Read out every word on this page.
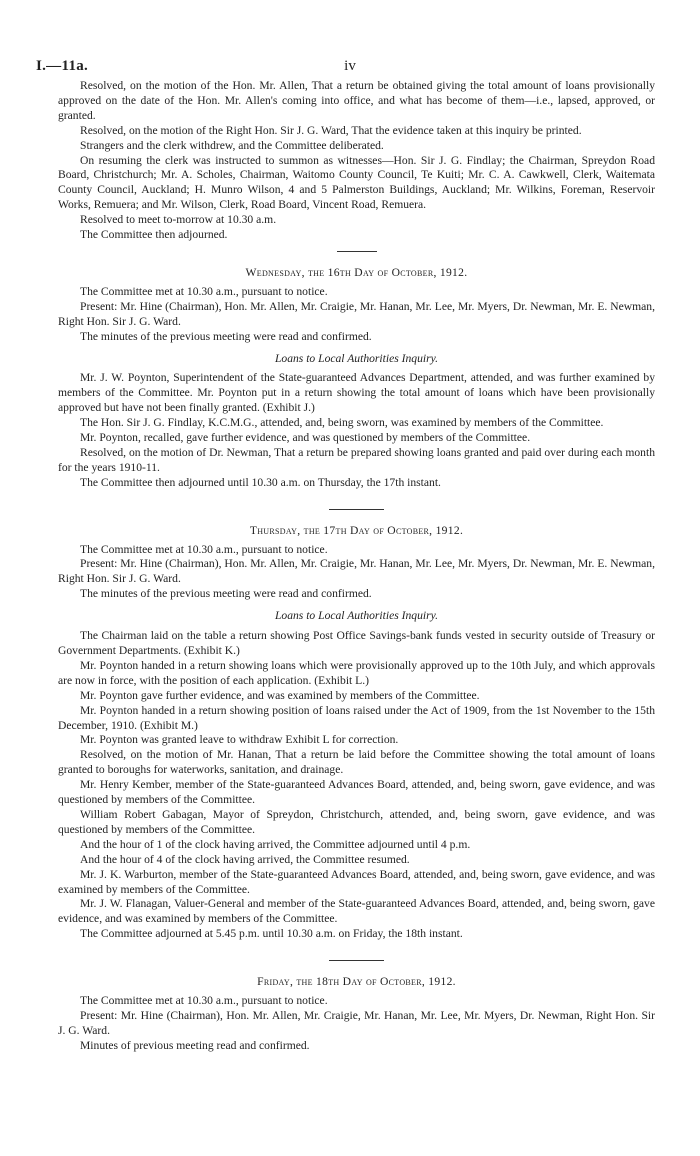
I.—11a.	iv

Resolved, on the motion of the Hon. Mr. Allen, That a return be obtained giving the total amount of loans provisionally approved on the date of the Hon. Mr. Allen's coming into office, and what has become of them—i.e., lapsed, approved, or granted.

Resolved, on the motion of the Right Hon. Sir J. G. Ward, That the evidence taken at this inquiry be printed.

Strangers and the clerk withdrew, and the Committee deliberated.

On resuming the clerk was instructed to summon as witnesses—Hon. Sir J. G. Findlay; the Chairman, Spreydon Road Board, Christchurch; Mr. A. Scholes, Chairman, Waitomo County Council, Te Kuiti; Mr. C. A. Cawkwell, Clerk, Waitemata County Council, Auckland; H. Munro Wilson, 4 and 5 Palmerston Buildings, Auckland; Mr. Wilkins, Foreman, Reservoir Works, Remuera; and Mr. Wilson, Clerk, Road Board, Vincent Road, Remuera.

Resolved to meet to-morrow at 10.30 a.m.

The Committee then adjourned.

Wednesday, the 16th Day of October, 1912.

The Committee met at 10.30 a.m., pursuant to notice.

Present: Mr. Hine (Chairman), Hon. Mr. Allen, Mr. Craigie, Mr. Hanan, Mr. Lee, Mr. Myers, Dr. Newman, Mr. E. Newman, Right Hon. Sir J. G. Ward.

The minutes of the previous meeting were read and confirmed.

Loans to Local Authorities Inquiry.

Mr. J. W. Poynton, Superintendent of the State-guaranteed Advances Department, attended, and was further examined by members of the Committee. Mr. Poynton put in a return showing the total amount of loans which have been provisionally approved but have not been finally granted. (Exhibit J.)

The Hon. Sir J. G. Findlay, K.C.M.G., attended, and, being sworn, was examined by members of the Committee.

Mr. Poynton, recalled, gave further evidence, and was questioned by members of the Committee.

Resolved, on the motion of Dr. Newman, That a return be prepared showing loans granted and paid over during each month for the years 1910-11.

The Committee then adjourned until 10.30 a.m. on Thursday, the 17th instant.

Thursday, the 17th Day of October, 1912.

The Committee met at 10.30 a.m., pursuant to notice.

Present: Mr. Hine (Chairman), Hon. Mr. Allen, Mr. Craigie, Mr. Hanan, Mr. Lee, Mr. Myers, Dr. Newman, Mr. E. Newman, Right Hon. Sir J. G. Ward.

The minutes of the previous meeting were read and confirmed.

Loans to Local Authorities Inquiry.

The Chairman laid on the table a return showing Post Office Savings-bank funds vested in security outside of Treasury or Government Departments. (Exhibit K.)

Mr. Poynton handed in a return showing loans which were provisionally approved up to the 10th July, and which approvals are now in force, with the position of each application. (Exhibit L.)

Mr. Poynton gave further evidence, and was examined by members of the Committee.

Mr. Poynton handed in a return showing position of loans raised under the Act of 1909, from the 1st November to the 15th December, 1910. (Exhibit M.)

Mr. Poynton was granted leave to withdraw Exhibit L for correction.

Resolved, on the motion of Mr. Hanan, That a return be laid before the Committee showing the total amount of loans granted to boroughs for waterworks, sanitation, and drainage.

Mr. Henry Kember, member of the State-guaranteed Advances Board, attended, and, being sworn, gave evidence, and was questioned by members of the Committee.

William Robert Gabagan, Mayor of Spreydon, Christchurch, attended, and, being sworn, gave evidence, and was questioned by members of the Committee.

And the hour of 1 of the clock having arrived, the Committee adjourned until 4 p.m.

And the hour of 4 of the clock having arrived, the Committee resumed.

Mr. J. K. Warburton, member of the State-guaranteed Advances Board, attended, and, being sworn, gave evidence, and was examined by members of the Committee.

Mr. J. W. Flanagan, Valuer-General and member of the State-guaranteed Advances Board, attended, and, being sworn, gave evidence, and was examined by members of the Committee.

The Committee adjourned at 5.45 p.m. until 10.30 a.m. on Friday, the 18th instant.

Friday, the 18th Day of October, 1912.

The Committee met at 10.30 a.m., pursuant to notice.

Present: Mr. Hine (Chairman), Hon. Mr. Allen, Mr. Craigie, Mr. Hanan, Mr. Lee, Mr. Myers, Dr. Newman, Right Hon. Sir J. G. Ward.

Minutes of previous meeting read and confirmed.
